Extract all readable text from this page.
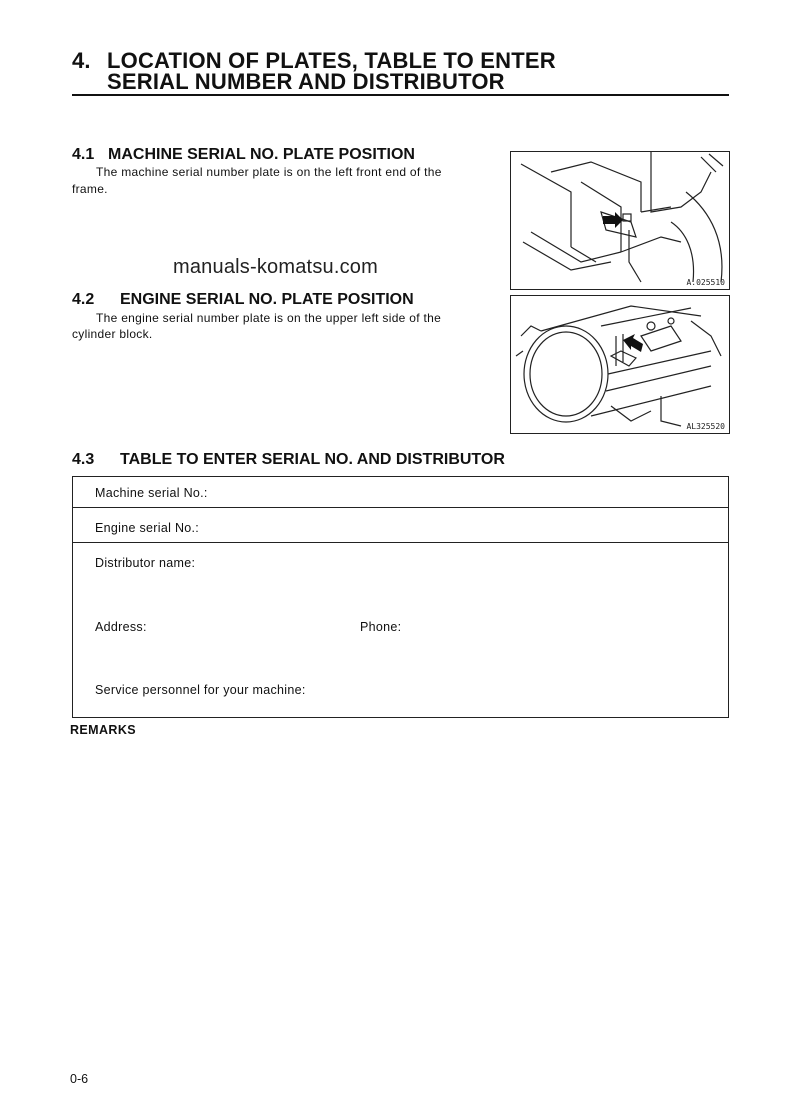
4. LOCATION OF PLATES, TABLE TO ENTER
SERIAL NUMBER AND DISTRIBUTOR
4.1 MACHINE SERIAL NO. PLATE POSITION
The machine serial number plate is on the left front end of the
frame.
A.025510
manuals-komatsu.com
4.2 ENGINE SERIAL NO. PLATE POSITION
The engine serial number plate is on the upper left side of the
cylinder block.
AL325520
4.3 TABLE TO ENTER SERIAL NO. AND DISTRIBUTOR
Machine serial No.:
Engine serial No.:
Distributor name:
Address:	Phone:
Service personnel for your machine:
REMARKS
0-6
